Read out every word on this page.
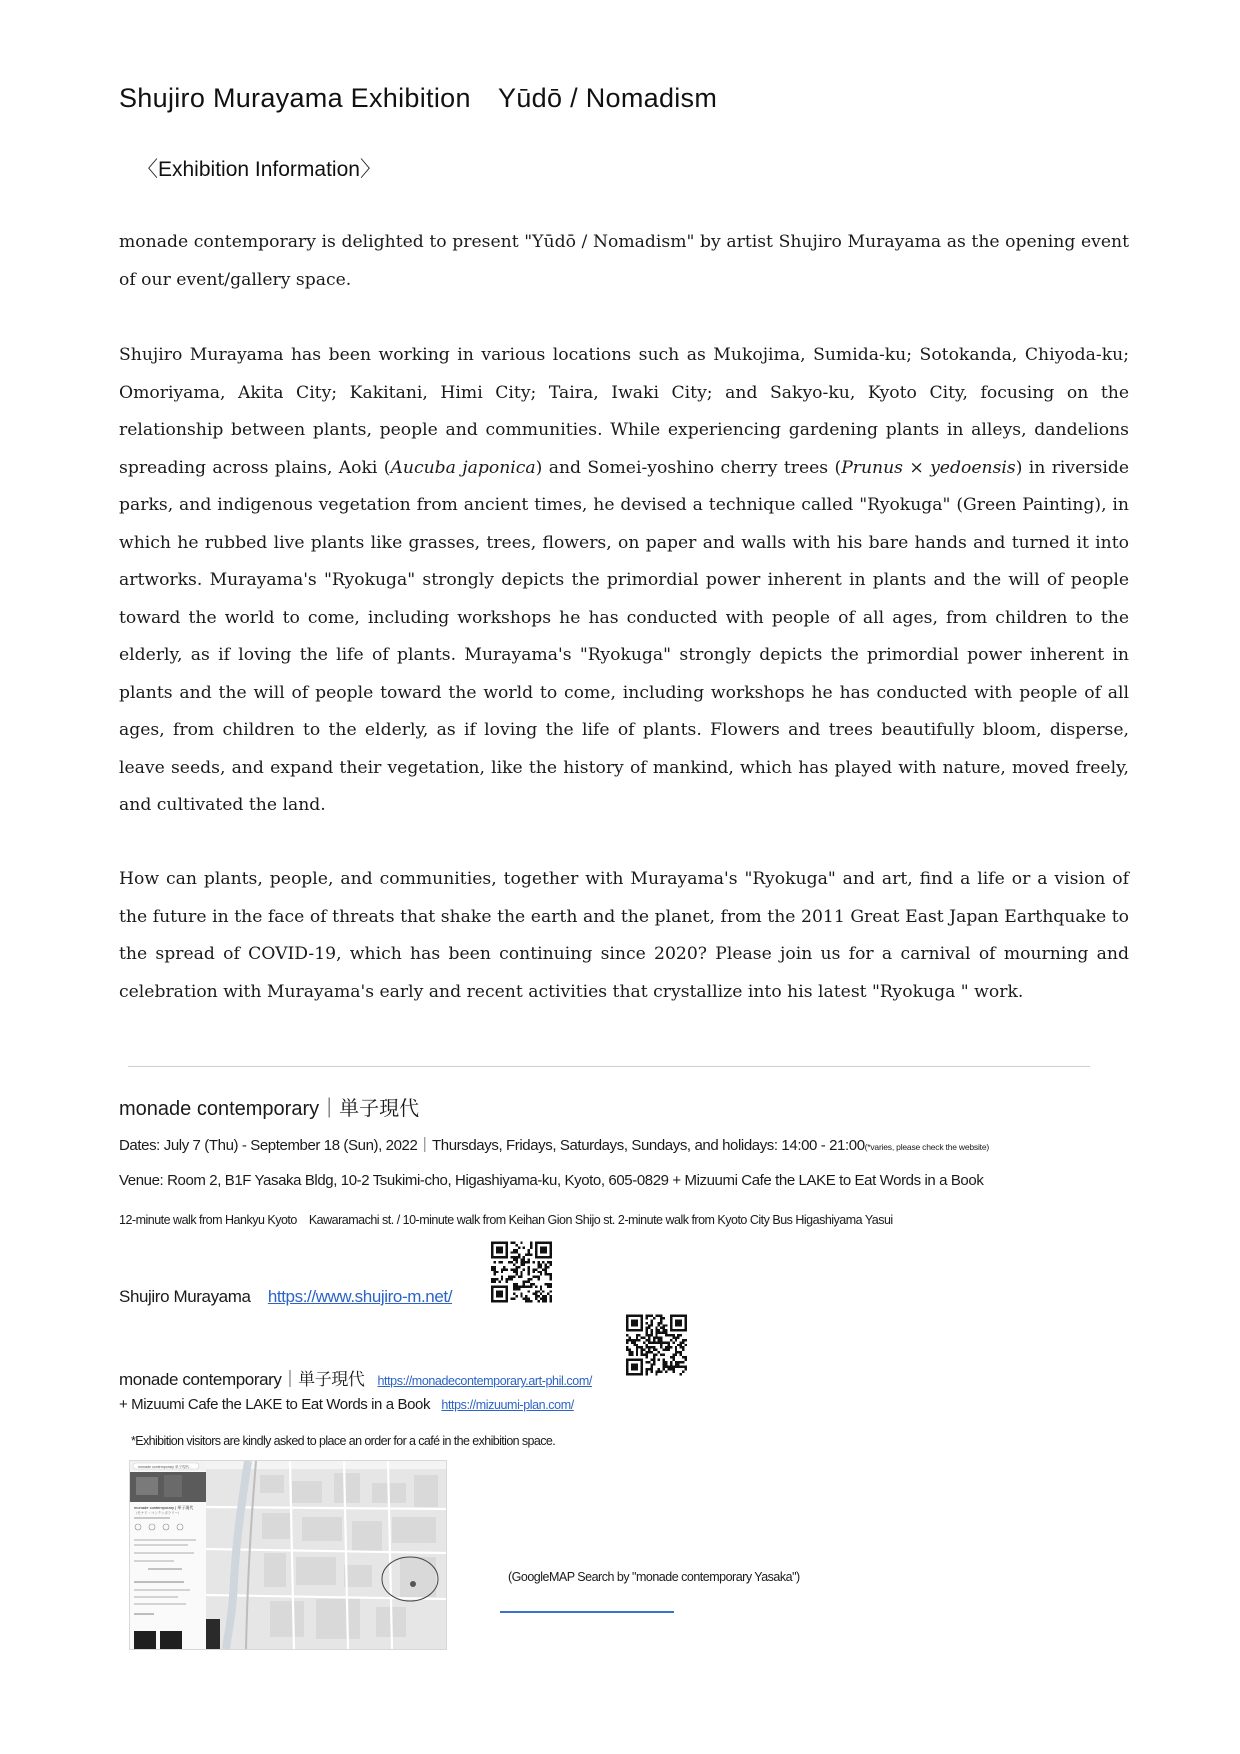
Shujiro Murayama Exhibition　Yūdō / Nomadism
〈Exhibition Information〉

monade contemporary is delighted to present "Yūdō / Nomadism" by artist Shujiro Murayama as the opening event of our event/gallery space.

Shujiro Murayama has been working in various locations such as Mukojima, Sumida-ku; Sotokanda, Chiyoda-ku; Omoriyama, Akita City; Kakitani, Himi City; Taira, Iwaki City; and Sakyo-ku, Kyoto City, focusing on the relationship between plants, people and communities. While experiencing gardening plants in alleys, dandelions spreading across plains, Aoki (Aucuba japonica) and Somei-yoshino cherry trees (Prunus × yedoensis) in riverside parks, and indigenous vegetation from ancient times, he devised a technique called "Ryokuga" (Green Painting), in which he rubbed live plants like grasses, trees, flowers, on paper and walls with his bare hands and turned it into artworks. Murayama's "Ryokuga" strongly depicts the primordial power inherent in plants and the will of people toward the world to come, including workshops he has conducted with people of all ages, from children to the elderly, as if loving the life of plants. Murayama's "Ryokuga" strongly depicts the primordial power inherent in plants and the will of people toward the world to come, including workshops he has conducted with people of all ages, from children to the elderly, as if loving the life of plants. Flowers and trees beautifully bloom, disperse, leave seeds, and expand their vegetation, like the history of mankind, which has played with nature, moved freely, and cultivated the land.

How can plants, people, and communities, together with Murayama's "Ryokuga" and art, find a life or a vision of the future in the face of threats that shake the earth and the planet, from the 2011 Great East Japan Earthquake to the spread of COVID-19, which has been continuing since 2020? Please join us for a carnival of mourning and celebration with Murayama's early and recent activities that crystallize into his latest "Ryokuga " work.

monade contemporary｜単子現代
Dates: July 7 (Thu) - September 18 (Sun), 2022｜Thursdays, Fridays, Saturdays, Sundays, and holidays: 14:00 - 21:00(*varies, please check the website)
Venue: Room 2, B1F Yasaka Bldg, 10-2 Tsukimi-cho, Higashiyama-ku, Kyoto, 605-0829 + Mizuumi Cafe the LAKE to Eat Words in a Book
12-minute walk from Hankyu Kyoto　Kawaramachi st. / 10-minute walk from Keihan Gion Shijo st. 2-minute walk from Kyoto City Bus Higashiyama Yasui
Shujiro Murayama https://www.shujiro-m.net/
monade contemporary｜単子現代 https://monadecontemporary.art-phil.com/
+ Mizuumi Cafe the LAKE to Eat Words in a Book https://mizuumi-plan.com/
*Exhibition visitors are kindly asked to place an order for a café in the exhibition space.
monade contemporary 単子現代
monade contemporary | 単子現代
（モナド・コンテンポラリー）
(GoogleMAP Search by "monade contemporary Yasaka")
